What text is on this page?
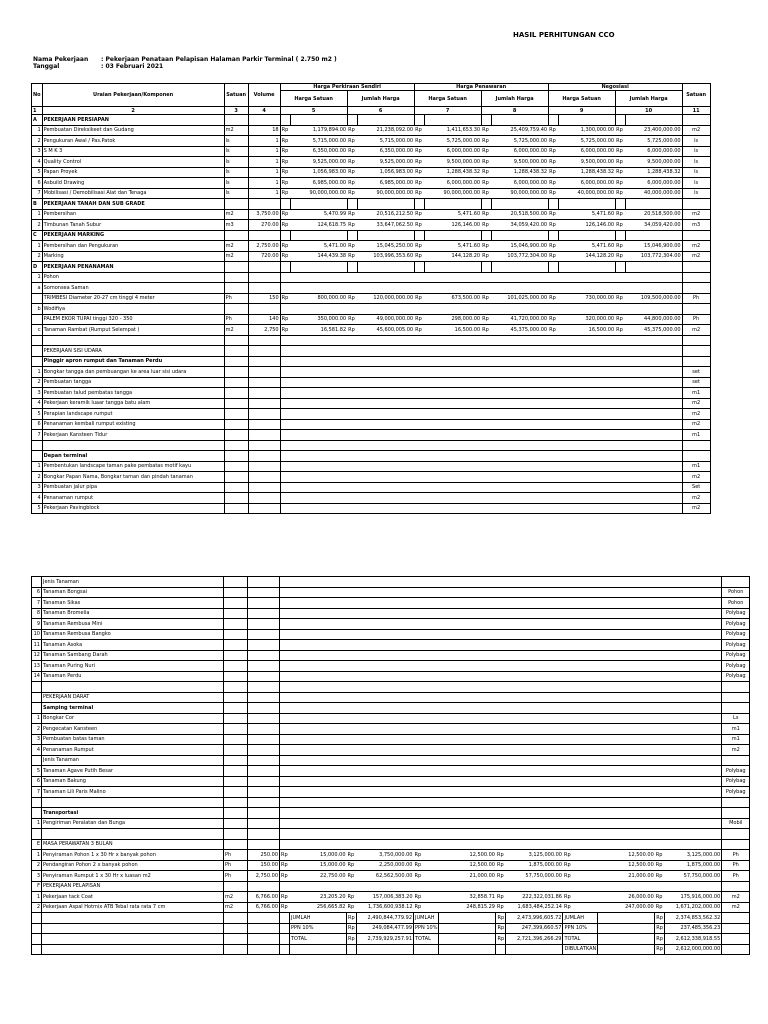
HASIL PERHITUNGAN CCO
Nama Pekerjaan : Pekerjaan Penataan Pelapisan Halaman Parkir Terminal ( 2.750 m2 )
Tanggal	: 03 Februari 2021
No	Uraian Pekerjaan/Komponen	Satuan	Volume	Harga Perkiraan Sendiri				Harga Penawaran				Negosiasi				Satuan
				Harga Satuan		Jumlah Harga		Harga Satuan		Jumlah Harga		Harga Satuan		Jumlah Harga		

1	2	3	4	5		6		7		8		9		10		11
A	PEKERJAAN PERSIAPAN															
1	Pembuatan Direksikeet dan Gudang	m2	18	Rp	1,179,894.00	Rp	21,238,092.00	Rp	1,411,653.30	Rp	25,409,759.40	Rp	1,300,000.00	Rp	23,400,000.00	m2
2	Pengukuran Awal / Pas.Patok	ls	1	Rp	5,715,000.00	Rp	5,715,000.00	Rp	5,725,000.00	Rp	5,725,000.00	Rp	5,725,000.00	Rp	5,725,000.00	ls
3	S M K 3	ls	1	Rp	6,350,000.00	Rp	6,350,000.00	Rp	6,000,000.00	Rp	6,000,000.00	Rp	6,000,000.00	Rp	6,000,000.00	ls
4	Quality Control	ls	1	Rp	9,525,000.00	Rp	9,525,000.00	Rp	9,500,000.00	Rp	9,500,000.00	Rp	9,500,000.00	Rp	9,500,000.00	ls
5	Papan Proyek	ls	1	Rp	1,056,983.00	Rp	1,056,983.00	Rp	1,288,438.32	Rp	1,288,438.32	Rp	1,288,438.32	Rp	1,288,438.32	ls
6	Asbuild Drawing	ls	1	Rp	6,985,000.00	Rp	6,985,000.00	Rp	6,000,000.00	Rp	6,000,000.00	Rp	6,000,000.00	Rp	6,000,000.00	ls
7	Mobilisasi / Demobilisasi Alat dan Tenaga	ls	1	Rp	90,000,000.00	Rp	90,000,000.00	Rp	90,000,000.00	Rp	90,000,000.00	Rp	40,000,000.00	Rp	40,000,000.00	ls
B	PEKERJAAN TANAH DAN SUB GRADE															
1	Pembersihan	m2	3,750.00	Rp	5,470.99	Rp	20,516,212.50	Rp	5,471.60	Rp	20,518,500.00	Rp	5,471.60	Rp	20,518,500.00	m2
2	Timbunan Tanah Subur	m3	270.00	Rp	124,618.75	Rp	33,647,062.50	Rp	126,146.00	Rp	34,059,420.00	Rp	126,146.00	Rp	34,059,420.00	m3
C	PEKERJAAN MARKING															
1	Pembersihan dan Pengukuran	m2	2,750.00	Rp	5,471.00	Rp	15,045,250.00	Rp	5,471.60	Rp	15,046,900.00	Rp	5,471.60	Rp	15,046,900.00	m2
2	Marking	m2	720.00	Rp	144,439.38	Rp	103,996,353.60	Rp	144,128.20	Rp	103,772,304.00	Rp	144,128.20	Rp	103,772,304.00	m2
D	PEKERJAAN PENANAMAN															
1	Pohon															
a	Somonsea Saman															
	TRIMBESI Diameter 20-27 cm tinggi 4 meter	Ph	150	Rp	800,000.00	Rp	120,000,000.00	Rp	673,500.00	Rp	101,025,000.00	Rp	730,000.00	Rp	109,500,000.00	Ph
b	Wodifiya															
	PALEM EKOR TUPAI tinggi 320 - 350	Ph	140	Rp	350,000.00	Rp	49,000,000.00	Rp	298,000.00	Rp	41,720,000.00	Rp	320,000.00	Rp	44,800,000.00	Ph
c	Tanaman Rambat (Rumput Selempat )	m2	2,750	Rp	16,581.82	Rp	45,600,005.00	Rp	16,500.00	Rp	45,375,000.00	Rp	16,500.00	Rp	45,375,000.00	m2

	PEKERJAAN SISI UDARA															
	Pinggir apron rumput dan Tanaman Perdu															
1	Bongkar tangga dan pembuangan ke area luar sisi udara															set
2	Pembuatan tangga															set
3	Pembuatan talud pembatas tangga															m1
4	Pekerjaan keramik luaar tangga batu alam															m2
5	Perapian landscape rumput															m2
6	Penanaman kembali rumput existing															m2
7	Pekerjaan Kansteen Tidur															m1

	Depan terminal															
1	Pembentukan landscape taman pake pembatas motif kayu															m1
2	Bongkar Papan Nama, Bongkar taman dan pindah tanaman															m2
3	Pembuatan jalur pipa															Set
4	Penanaman rumput															m2
5	Pekerjaan Pavingblock															m2
	Jenis Tanaman															
6	Tanaman Bongsai															Pohon
7	Tanaman Sikas															Pohon
8	Tanaman Bromelia															Polybag
9	Tanaman Rembusa Mini															Polybag
10	Tanaman Rembusa Bangko															Polybag
11	Tanaman Asoka															Polybag
12	Tanaman Sambang Darah															Polybag
13	Tanaman Puring Nuri															Polybag
14	Tanaman Perdu															Polybag

	PEKERJAAN DARAT															
	Samping terminal															
1	Bongkar Cor															Ls
2	Pengecatan Kansteen															m1
3	Pembuatan batas taman															m1
4	Penanaman Rumput															m2
	Jenis Tanaman															
5	Tanaman Agave Putih Besar															Polybag
6	Tanaman Bakung															Polybag
7	Tanaman Lili Paris Malino															Polybag

	Transportasi															
1	Pengiriman Peralatan dan Bunga															Mobil

E	MASA PERAWATAN 3 BULAN															
1	Penyiraman Pohon 1 x 30 Hr x banyak pohon	Ph	250.00	Rp	15,000.00	Rp	3,750,000.00	Rp	12,500.00	Rp	3,125,000.00	Rp	12,500.00	Rp	3,125,000.00	Ph
2	Pendangiran Pohon 2 x banyak pohon	Ph	150.00	Rp	15,000.00	Rp	2,250,000.00	Rp	12,500.00	Rp	1,875,000.00	Rp	12,500.00	Rp	1,875,000.00	Ph
3	Penyiraman Rumput 1 x 30 Hr x luasan m2	Ph	2,750.00	Rp	22,750.00	Rp	62,562,500.00	Rp	21,000.00	Rp	57,750,000.00	Rp	21,000.00	Rp	57,750,000.00	Ph
F	PEKERJAAN PELAPISAN															
1	Pekerjaan tack Coat	m2	6,766.00	Rp	23,205.20	Rp	157,006,383.20	Rp	32,858.71	Rp	222,322,031.86	Rp	26,000.00	Rp	175,916,000.00	m2
2	Pekerjaan Aspal Hotmix ATB Tebal rata rata 7 cm	m2	6,766.00	Rp	256,665.82	Rp	1,736,600,938.12	Rp	248,815.29	Rp	1,683,484,252.14	Rp	247,000.00	Rp	1,671,202,000.00	m2
					JUMLAH	Rp	2,490,844,779.92	JUMLAH		Rp	2,473,996,605.72	JUMLAH		Rp	2,374,853,562.32	
					PPN 10%	Rp	249,084,477.99	PPN 10%		Rp	247,399,660.57	PPN 10%		Rp	237,485,356.23	
					TOTAL	Rp	2,739,929,257.91	TOTAL		Rp	2,721,396,266.29	TOTAL		Rp	2,612,338,918.55	
												DIBULATKAN		Rp	2,612,000,000.00	
